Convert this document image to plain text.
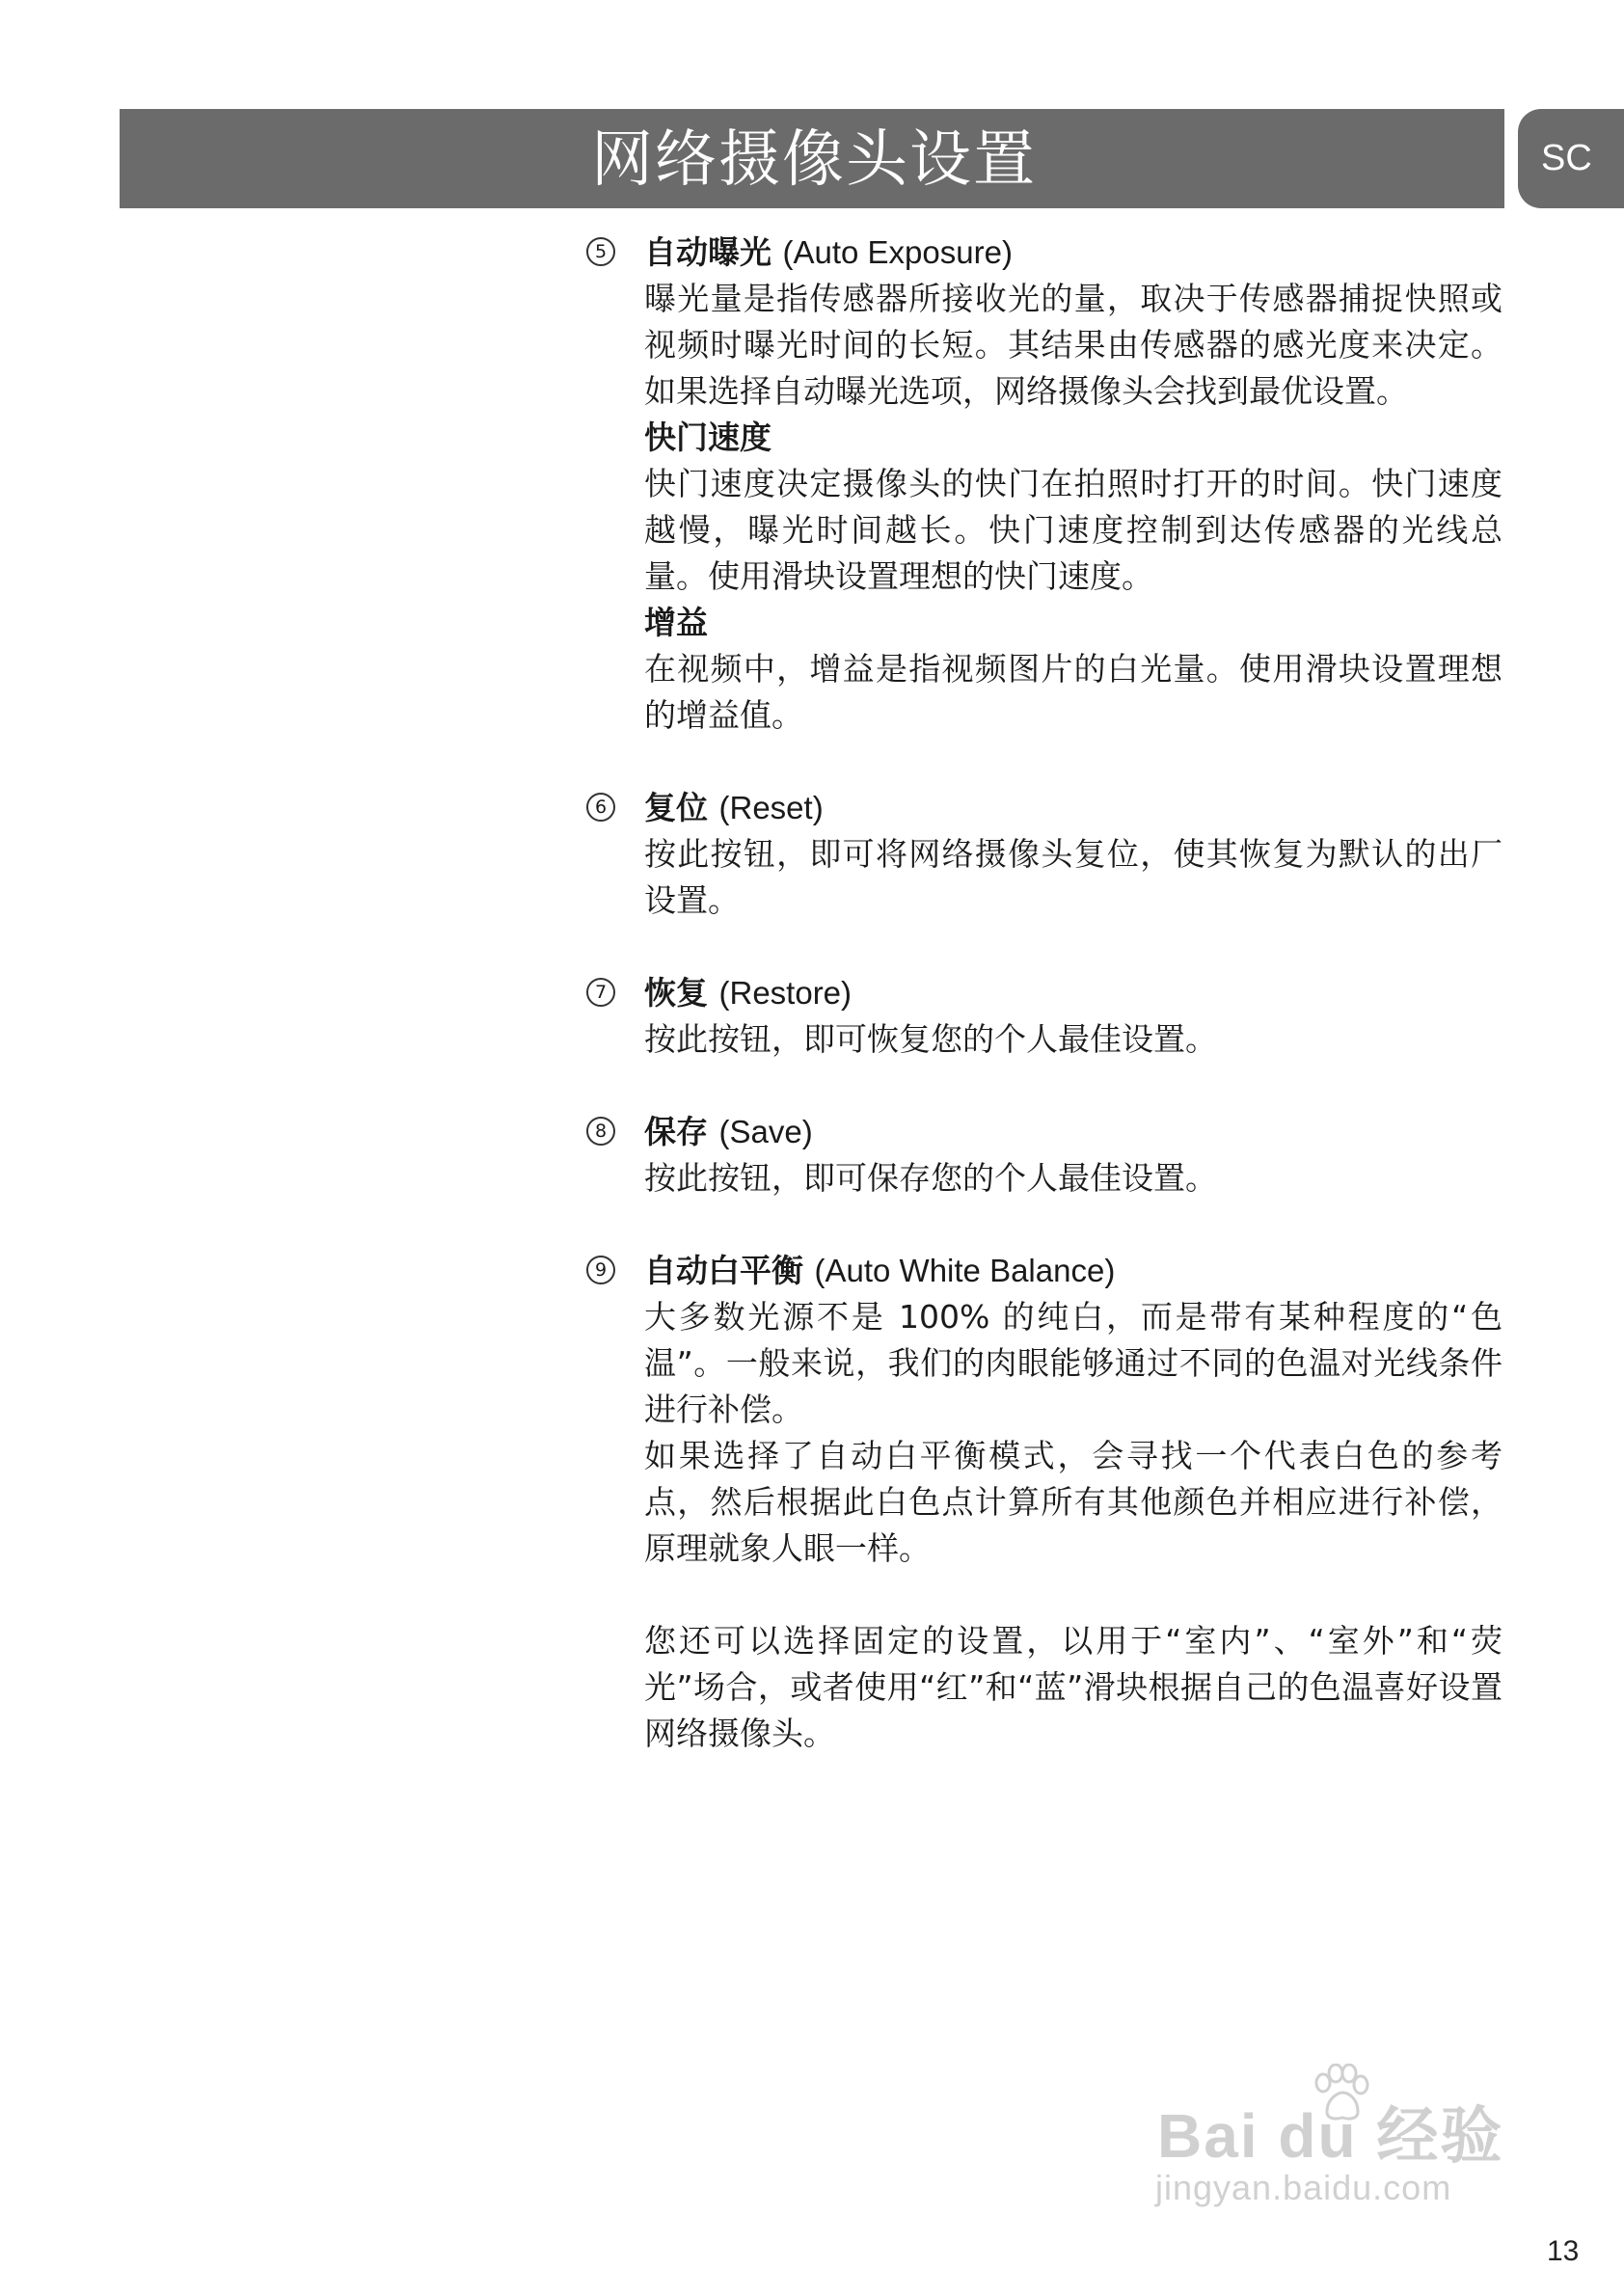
网络摄像头设置	SC
5 自动曝光 (Auto Exposure)

曝光量是指传感器所接收光的量，取决于传感器捕捉快照或视频时曝光时间的长短。其结果由传感器的感光度来决定。如果选择自动曝光选项，网络摄像头会找到最优设置。

快门速度

快门速度决定摄像头的快门在拍照时打开的时间。快门速度越慢，曝光时间越长。快门速度控制到达传感器的光线总量。使用滑块设置理想的快门速度。

增益

在视频中，增益是指视频图片的白光量。使用滑块设置理想的增益值。

6 复位 (Reset)

按此按钮，即可将网络摄像头复位，使其恢复为默认的出厂设置。

7 恢复 (Restore)

按此按钮，即可恢复您的个人最佳设置。

8 保存 (Save)

按此按钮，即可保存您的个人最佳设置。

9 自动白平衡 (Auto White Balance)

大多数光源不是 100% 的纯白，而是带有某种程度的“色温”。一般来说，我们的肉眼能够通过不同的色温对光线条件进行补偿。

如果选择了自动白平衡模式，会寻找一个代表白色的参考点，然后根据此白色点计算所有其他颜色并相应进行补偿，原理就象人眼一样。

您还可以选择固定的设置，以用于“室内”、“室外”和“荧光”场合，或者使用“红”和“蓝”滑块根据自己的色温喜好设置网络摄像头。

Bai du 经验
jingyan.baidu.com
13
